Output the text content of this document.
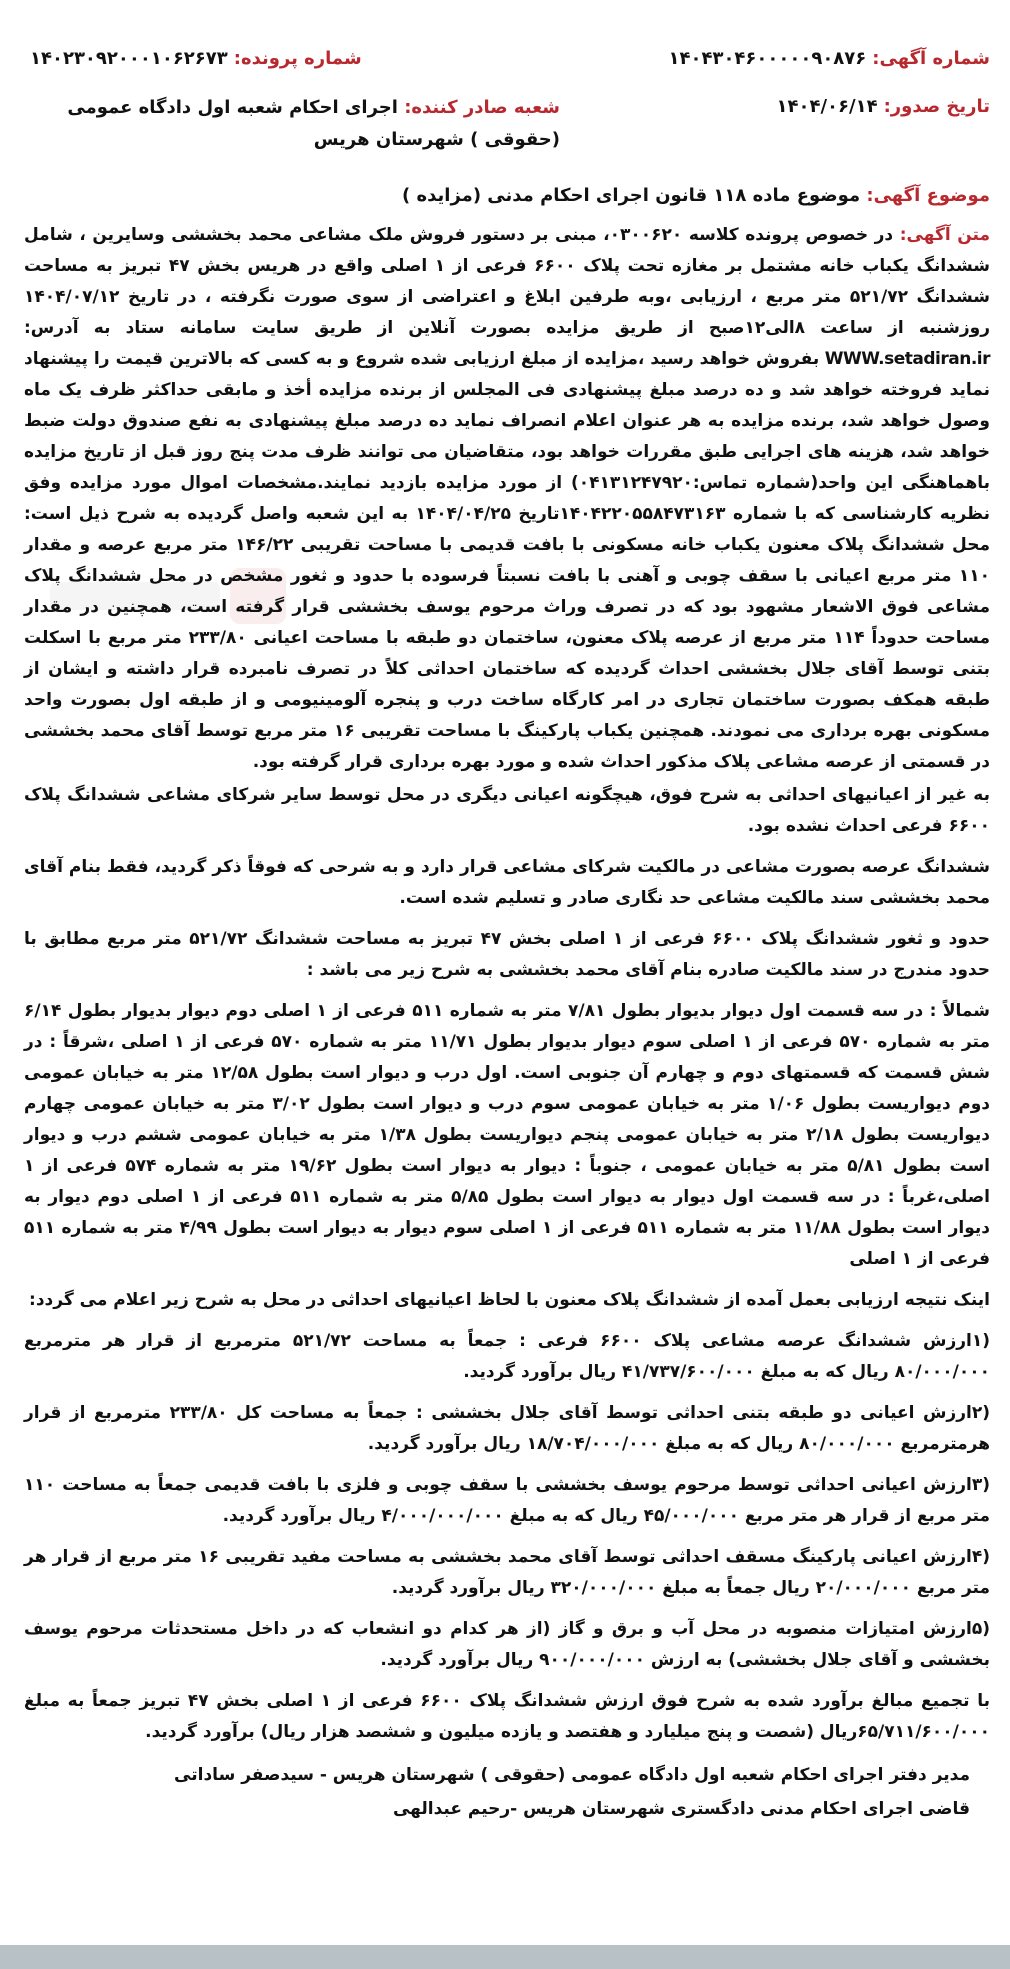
شماره آگهی:
۱۴۰۴۳۰۴۶۰۰۰۰۰۹۰۸۷۶
شماره پرونده:
۱۴۰۲۳۰۹۲۰۰۰۱۰۶۲۶۷۳
تاریخ صدور:
۱۴۰۴/۰۶/۱۴
شعبه صادر کننده: اجرای احکام شعبه اول دادگاه عمومی (حقوقی ) شهرستان هریس
موضوع آگهی: موضوع ماده ۱۱۸ قانون اجرای احکام مدنی (مزایده )

متن آگهی: در خصوص پرونده کلاسه ۰۳۰۰۶۲۰، مبنی بر دستور فروش ملک مشاعی محمد بخششی وسایرین ، شامل ششدانگ یکباب خانه مشتمل بر مغازه تحت پلاک ۶۶۰۰ فرعی از ۱ اصلی واقع در هریس بخش ۴۷ تبریز به مساحت ششدانگ ۵۲۱/۷۲ متر مربع ، ارزیابی ،وبه طرفین ابلاغ و اعتراضی از سوی صورت نگرفته ، در تاریخ ۱۴۰۴/۰۷/۱۲ روزشنبه از ساعت ۸الی۱۲صبح از طریق مزایده بصورت آنلاین از طریق سایت سامانه ستاد به آدرس: WWW.setadiran.ir بفروش خواهد رسید ،مزایده از مبلغ ارزیابی شده شروع و به کسی که بالاترین قیمت را پیشنهاد نماید فروخته خواهد شد و ده درصد مبلغ پیشنهادی فی المجلس از برنده مزایده أخذ و مابقی حداکثر ظرف یک ماه وصول خواهد شد، برنده مزایده به هر عنوان اعلام انصراف نماید ده درصد مبلغ پیشنهادی به نفع صندوق دولت ضبط خواهد شد، هزینه های اجرایی طبق مقررات خواهد بود، متقاضیان می توانند ظرف مدت پنج روز قبل از تاریخ مزایده باهماهنگی این واحد(شماره تماس:۰۴۱۳۱۲۴۷۹۲۰) از مورد مزایده بازدید نمایند.مشخصات اموال مورد مزایده وفق نظریه کارشناسی که با شماره ۱۴۰۴۲۲۰۵۵۸۴۷۳۱۶۳تاریخ ۱۴۰۴/۰۴/۲۵ به این شعبه واصل گردیده به شرح ذیل است: محل ششدانگ پلاک معنون یکباب خانه مسکونی با بافت قدیمی با مساحت تقریبی ۱۴۶/۲۲ متر مربع عرصه و مقدار ۱۱۰ متر مربع اعیانی با سقف چوبی و آهنی با بافت نسبتاً فرسوده با حدود و ثغور مشخص در محل ششدانگ پلاک مشاعی فوق الاشعار مشهود بود که در تصرف وراث مرحوم یوسف بخششی قرار گرفته است، همچنین در مقدار مساحت حدوداً ۱۱۴ متر مربع از عرصه پلاک معنون، ساختمان دو طبقه با مساحت اعیانی ۲۳۳/۸۰ متر مربع با اسکلت بتنی توسط آقای جلال بخششی احداث گردیده که ساختمان احداثی کلاً در تصرف نامبرده قرار داشته و ایشان از طبقه همکف بصورت ساختمان تجاری در امر کارگاه ساخت درب و پنجره آلومینیومی و از طبقه اول بصورت واحد مسکونی بهره برداری می نمودند. همچنین یکباب پارکینگ با مساحت تقریبی ۱۶ متر مربع توسط آقای محمد بخششی در قسمتی از عرصه مشاعی پلاک مذکور احداث شده و مورد بهره برداری قرار گرفته بود.

به غیر از اعیانیهای احداثی به شرح فوق، هیچگونه اعیانی دیگری در محل توسط سایر شرکای مشاعی ششدانگ پلاک ۶۶۰۰ فرعی احداث نشده بود.

ششدانگ عرصه بصورت مشاعی در مالکیت شرکای مشاعی قرار دارد و به شرحی که فوقاً ذکر گردید، فقط بنام آقای محمد بخششی سند مالکیت مشاعی حد نگاری صادر و تسلیم شده است.

حدود و ثغور ششدانگ پلاک ۶۶۰۰ فرعی از ۱ اصلی بخش ۴۷ تبریز به مساحت ششدانگ ۵۲۱/۷۲ متر مربع مطابق با حدود مندرج در سند مالکیت صادره بنام آقای محمد بخششی به شرح زیر می باشد :

شمالاً : در سه قسمت اول دیوار بدیوار بطول ۷/۸۱ متر به شماره ۵۱۱ فرعی از ۱ اصلی دوم دیوار بدیوار بطول ۶/۱۴ متر به شماره ۵۷۰ فرعی از ۱ اصلی سوم دیوار بدیوار بطول ۱۱/۷۱ متر به شماره ۵۷۰ فرعی از ۱ اصلی ،شرقاً : در شش قسمت که قسمتهای دوم و چهارم آن جنوبی است. اول درب و دیوار است بطول ۱۲/۵۸ متر به خیابان عمومی دوم دیواریست بطول ۱/۰۶ متر به خیابان عمومی سوم درب و دیوار است بطول ۳/۰۲ متر به خیابان عمومی چهارم دیواریست بطول ۲/۱۸ متر به خیابان عمومی پنجم دیواریست بطول ۱/۳۸ متر به خیابان عمومی ششم درب و دیوار است بطول ۵/۸۱ متر به خیابان عمومی ، جنوباً : دیوار به دیوار است بطول ۱۹/۶۲ متر به شماره ۵۷۴ فرعی از ۱ اصلی،غرباً : در سه قسمت اول دیوار به دیوار است بطول ۵/۸۵ متر به شماره ۵۱۱ فرعی از ۱ اصلی دوم دیوار به دیوار است بطول ۱۱/۸۸ متر به شماره ۵۱۱ فرعی از ۱ اصلی سوم دیوار به دیوار است بطول ۴/۹۹ متر به شماره ۵۱۱ فرعی از ۱ اصلی

اینک نتیجه ارزیابی بعمل آمده از ششدانگ پلاک معنون با لحاظ اعیانیهای احداثی در محل به شرح زیر اعلام می گردد:

(۱ارزش ششدانگ عرصه مشاعی پلاک ۶۶۰۰ فرعی : جمعاً به مساحت ۵۲۱/۷۲ مترمربع از قرار هر مترمربع ۸۰/۰۰۰/۰۰۰ ریال که به مبلغ ۴۱/۷۳۷/۶۰۰/۰۰۰ ریال برآورد گردید.

(۲ارزش اعیانی دو طبقه بتنی احداثی توسط آقای جلال بخششی : جمعاً به مساحت کل ۲۳۳/۸۰ مترمربع از قرار هرمترمربع ۸۰/۰۰۰/۰۰۰ ریال که به مبلغ ۱۸/۷۰۴/۰۰۰/۰۰۰ ریال برآورد گردید.

(۳ارزش اعیانی احداثی توسط مرحوم یوسف بخششی با سقف چوبی و فلزی با بافت قدیمی جمعاً به مساحت ۱۱۰ متر مربع از قرار هر متر مربع ۴۵/۰۰۰/۰۰۰ ریال که به مبلغ ۴/۰۰۰/۰۰۰/۰۰۰ ریال برآورد گردید.

(۴ارزش اعیانی پارکینگ مسقف احداثی توسط آقای محمد بخششی به مساحت مفید تقریبی ۱۶ متر مربع از قرار هر متر مربع ۲۰/۰۰۰/۰۰۰ ریال جمعاً به مبلغ ۳۲۰/۰۰۰/۰۰۰ ریال برآورد گردید.

(۵ارزش امتیازات منصوبه در محل آب و برق و گاز (از هر کدام دو انشعاب که در داخل مستحدثات مرحوم یوسف بخششی و آقای جلال بخششی) به ارزش ۹۰۰/۰۰۰/۰۰۰ ریال برآورد گردید.

با تجمیع مبالغ برآورد شده به شرح فوق ارزش ششدانگ پلاک ۶۶۰۰ فرعی از ۱ اصلی بخش ۴۷ تبریز جمعاً به مبلغ ۶۵/۷۱۱/۶۰۰/۰۰۰ریال (شصت و پنج میلیارد و هفتصد و یازده میلیون و ششصد هزار ریال) برآورد گردید.

مدیر دفتر اجرای احکام شعبه اول دادگاه عمومی (حقوقی ) شهرستان هریس - سیدصفر ساداتی
قاضی اجرای احکام مدنی دادگستری شهرستان هریس -رحیم عبدالهی
